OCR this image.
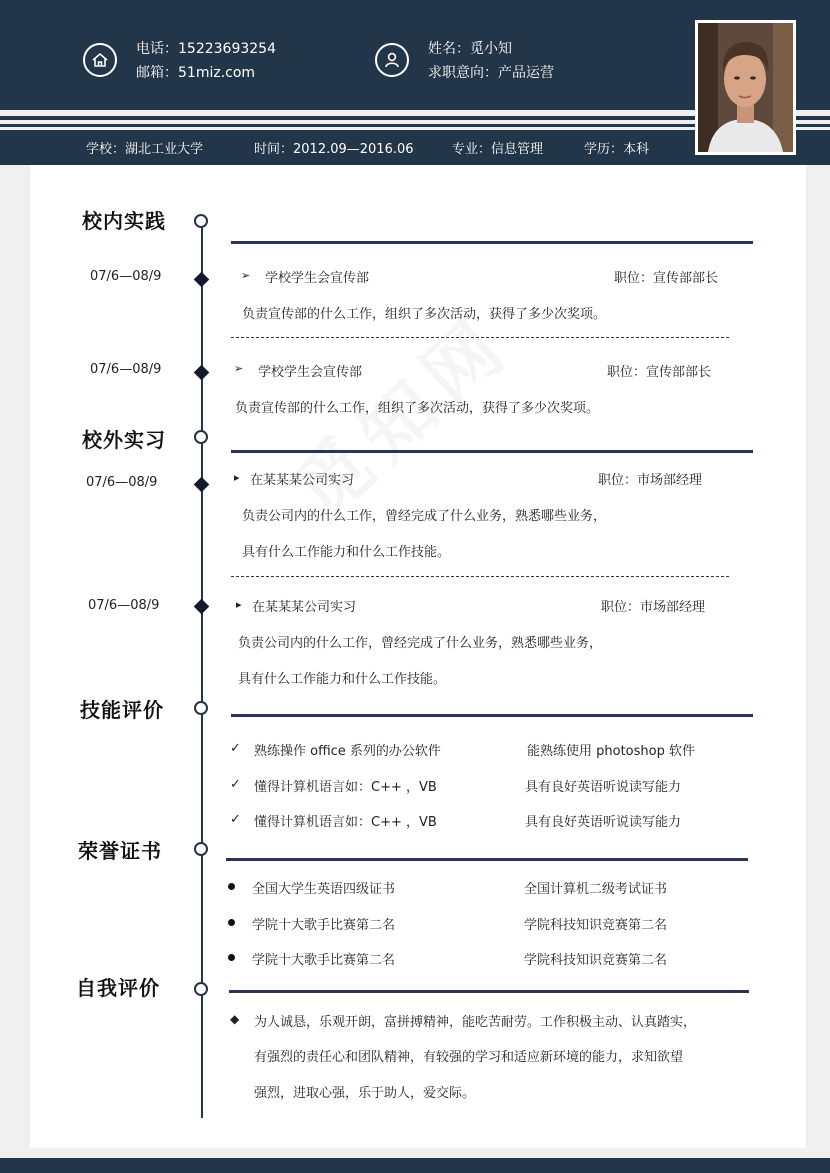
电话：15223693254
邮箱：51miz.com
姓名：觅小知
求职意向：产品运营
学校：湖北工业大学	时间：2012.09—2016.06	专业：信息管理	学历：本科
校内实践
07/6—08/9	➢ 学校学生会宣传部	职位：宣传部部长
负责宣传部的什么工作，组织了多次活动，获得了多少次奖项。
07/6—08/9	➢ 学校学生会宣传部	职位：宣传部部长
负责宣传部的什么工作，组织了多次活动，获得了多少次奖项。
校外实习
07/6—08/9	▸ 在某某某公司实习	职位：市场部经理
负责公司内的什么工作，曾经完成了什么业务，熟悉哪些业务，
具有什么工作能力和什么工作技能。
07/6—08/9	▸ 在某某某公司实习	职位：市场部经理
负责公司内的什么工作，曾经完成了什么业务，熟悉哪些业务，
具有什么工作能力和什么工作技能。
技能评价
✓ 熟练操作 office 系列的办公软件	能熟练使用 photoshop 软件
✓ 懂得计算机语言如：C++ ，VB	具有良好英语听说读写能力
✓ 懂得计算机语言如：C++ ，VB	具有良好英语听说读写能力
荣誉证书
全国大学生英语四级证书	全国计算机二级考试证书
学院十大歌手比赛第二名	学院科技知识竞赛第二名
学院十大歌手比赛第二名	学院科技知识竞赛第二名
自我评价
◆ 为人诚恳，乐观开朗，富拼搏精神，能吃苦耐劳。工作积极主动、认真踏实，
有强烈的责任心和团队精神，有较强的学习和适应新环境的能力，求知欲望
强烈，进取心强，乐于助人，爱交际。
